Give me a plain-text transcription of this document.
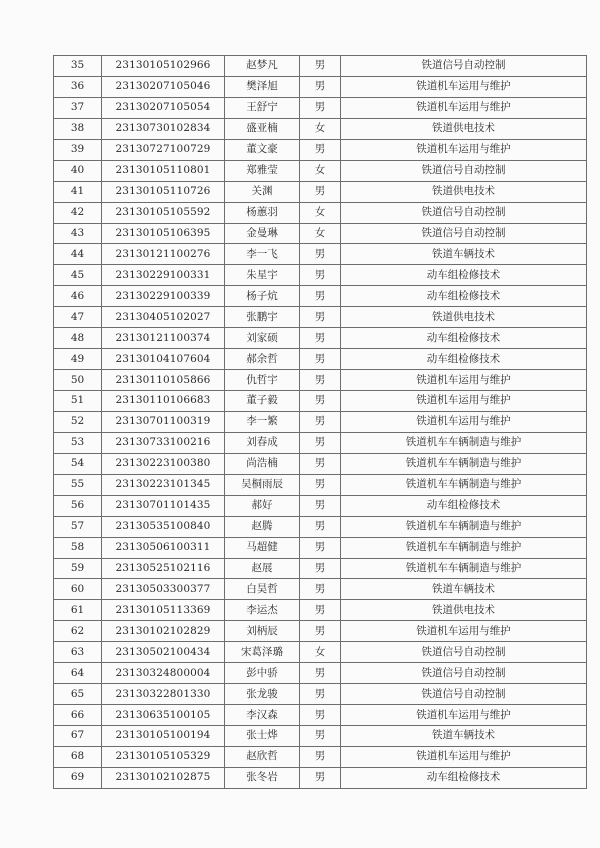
35	23130105102966	赵梦凡	男	铁道信号自动控制
36	23130207105046	樊泽旭	男	铁道机车运用与维护
37	23130207105054	王舒宁	男	铁道机车运用与维护
38	23130730102834	盛亚楠	女	铁道供电技术
39	23130727100729	董文豪	男	铁道机车运用与维护
40	23130105110801	郑雅莹	女	铁道信号自动控制
41	23130105110726	关渊	男	铁道供电技术
42	23130105105592	杨蕙羽	女	铁道信号自动控制
43	23130105106395	金曼琳	女	铁道信号自动控制
44	23130121100276	李一飞	男	铁道车辆技术
45	23130229100331	朱星宇	男	动车组检修技术
46	23130229100339	杨子炕	男	动车组检修技术
47	23130405102027	张鹏宇	男	铁道供电技术
48	23130121100374	刘家硕	男	动车组检修技术
49	23130104107604	郝余哲	男	动车组检修技术
50	23130110105866	仇哲宇	男	铁道机车运用与维护
51	23130110106683	董子毅	男	铁道机车运用与维护
52	23130701100319	李一繁	男	铁道机车运用与维护
53	23130733100216	刘春成	男	铁道机车车辆制造与维护
54	23130223100380	尚浩楠	男	铁道机车车辆制造与维护
55	23130223101345	吴桐雨辰	男	铁道机车车辆制造与维护
56	23130701101435	郝好	男	动车组检修技术
57	23130535100840	赵腾	男	铁道机车车辆制造与维护
58	23130506100311	马超健	男	铁道机车车辆制造与维护
59	23130525102116	赵展	男	铁道机车车辆制造与维护
60	23130503300377	白昊哲	男	铁道车辆技术
61	23130105113369	李运杰	男	铁道供电技术
62	23130102102829	刘柄辰	男	铁道机车运用与维护
63	23130502100434	宋葛泽璐	女	铁道信号自动控制
64	23130324800004	彭中骄	男	铁道信号自动控制
65	23130322801330	张龙骏	男	铁道信号自动控制
66	23130635100105	李汉森	男	铁道机车运用与维护
67	23130105100194	张士烨	男	铁道车辆技术
68	23130105105329	赵欣哲	男	铁道机车运用与维护
69	23130102102875	张冬岩	男	动车组检修技术
